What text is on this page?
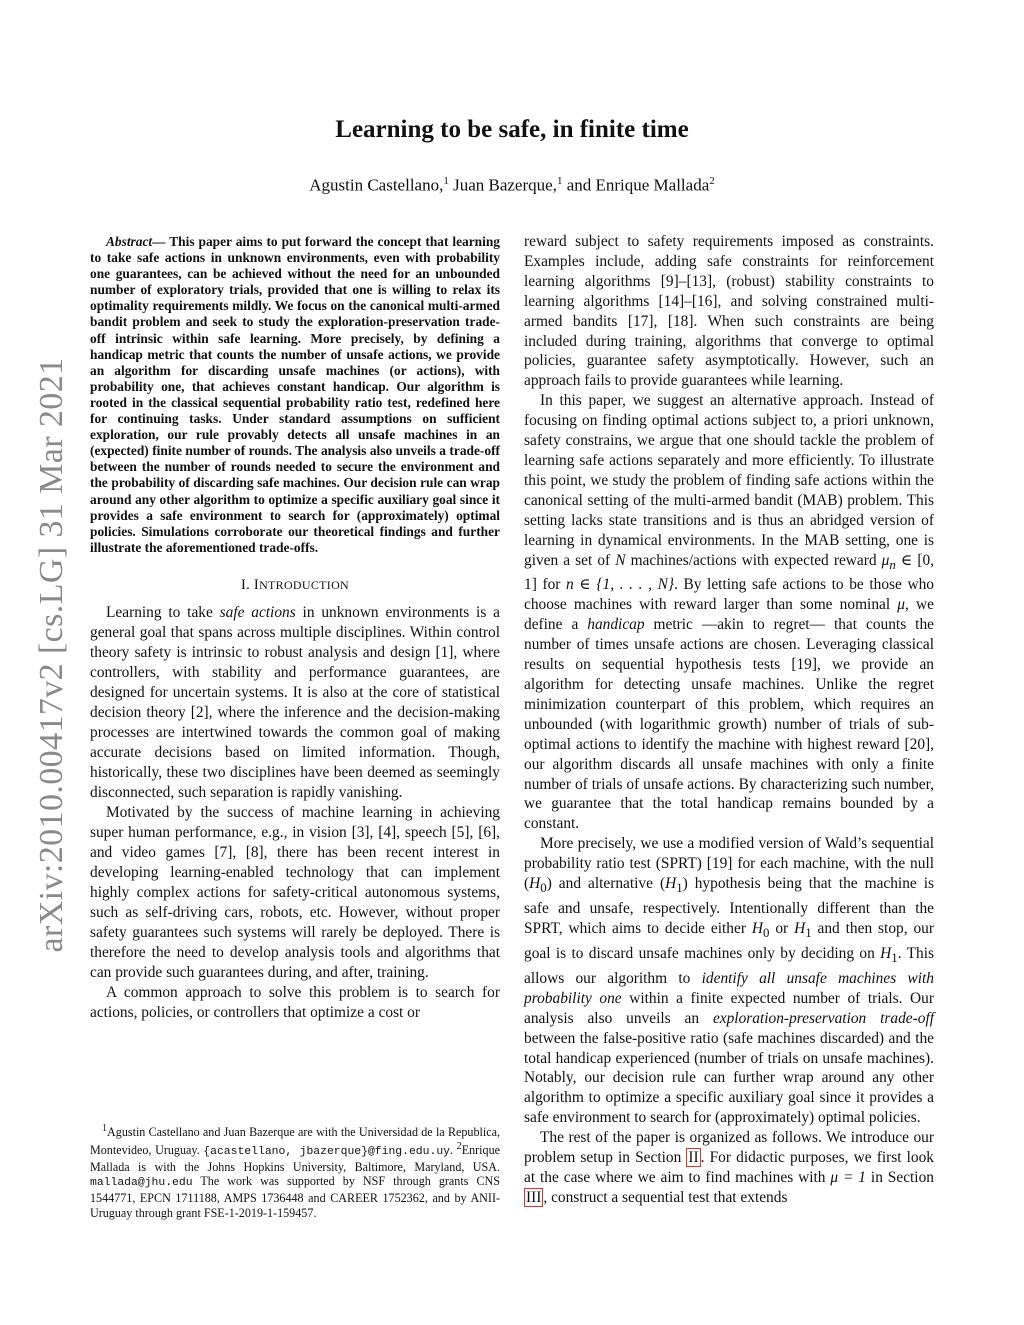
arXiv:2010.00417v2 [cs.LG] 31 Mar 2021
Learning to be safe, in finite time
Agustin Castellano,$^1$ Juan Bazerque,$^1$ and Enrique Mallada$^2$

Abstract— This paper aims to put forward the concept that learning to take safe actions in unknown environments, even with probability one guarantees, can be achieved without the need for an unbounded number of exploratory trials, provided that one is willing to relax its optimality requirements mildly. We focus on the canonical multi-armed bandit problem and seek to study the exploration-preservation trade-off intrinsic within safe learning. More precisely, by defining a handicap metric that counts the number of unsafe actions, we provide an algorithm for discarding unsafe machines (or actions), with probability one, that achieves constant handicap. Our algorithm is rooted in the classical sequential probability ratio test, redefined here for continuing tasks. Under standard assumptions on sufficient exploration, our rule provably detects all unsafe machines in an (expected) finite number of rounds. The analysis also unveils a trade-off between the number of rounds needed to secure the environment and the probability of discarding safe machines. Our decision rule can wrap around any other algorithm to optimize a specific auxiliary goal since it provides a safe environment to search for (approximately) optimal policies. Simulations corroborate our theoretical findings and further illustrate the aforementioned trade-offs.

I. INTRODUCTION

Learning to take safe actions in unknown environments is a general goal that spans across multiple disciplines. Within control theory safety is intrinsic to robust analysis and design [1], where controllers, with stability and performance guarantees, are designed for uncertain systems. It is also at the core of statistical decision theory [2], where the inference and the decision-making processes are intertwined towards the common goal of making accurate decisions based on limited information. Though, historically, these two disciplines have been deemed as seemingly disconnected, such separation is rapidly vanishing.

Motivated by the success of machine learning in achieving super human performance, e.g., in vision [3], [4], speech [5], [6], and video games [7], [8], there has been recent interest in developing learning-enabled technology that can implement highly complex actions for safety-critical autonomous systems, such as self-driving cars, robots, etc. However, without proper safety guarantees such systems will rarely be deployed. There is therefore the need to develop analysis tools and algorithms that can provide such guarantees during, and after, training.

A common approach to solve this problem is to search for actions, policies, or controllers that optimize a cost or

$^1$Agustin Castellano and Juan Bazerque are with the Universidad de la Republica, Montevideo, Uruguay. {acastellano, jbazerque}@fing.edu.uy. $^2$Enrique Mallada is with the Johns Hopkins University, Baltimore, Maryland, USA. mallada@jhu.edu The work was supported by NSF through grants CNS 1544771, EPCN 1711188, AMPS 1736448 and CAREER 1752362, and by ANII-Uruguay through grant FSE-1-2019-1-159457.

reward subject to safety requirements imposed as constraints. Examples include, adding safe constraints for reinforcement learning algorithms [9]–[13], (robust) stability constraints to learning algorithms [14]–[16], and solving constrained multi-armed bandits [17], [18]. When such constraints are being included during training, algorithms that converge to optimal policies, guarantee safety asymptotically. However, such an approach fails to provide guarantees while learning.

In this paper, we suggest an alternative approach. Instead of focusing on finding optimal actions subject to, a priori unknown, safety constrains, we argue that one should tackle the problem of learning safe actions separately and more efficiently. To illustrate this point, we study the problem of finding safe actions within the canonical setting of the multi-armed bandit (MAB) problem. This setting lacks state transitions and is thus an abridged version of learning in dynamical environments. In the MAB setting, one is given a set of N machines/actions with expected reward $\mu_n$ ∈ [0, 1] for n ∈ {1, . . . , N}. By letting safe actions to be those who choose machines with reward larger than some nominal μ, we define a handicap metric —akin to regret— that counts the number of times unsafe actions are chosen. Leveraging classical results on sequential hypothesis tests [19], we provide an algorithm for detecting unsafe machines. Unlike the regret minimization counterpart of this problem, which requires an unbounded (with logarithmic growth) number of trials of sub-optimal actions to identify the machine with highest reward [20], our algorithm discards all unsafe machines with only a finite number of trials of unsafe actions. By characterizing such number, we guarantee that the total handicap remains bounded by a constant.

More precisely, we use a modified version of Wald’s sequential probability ratio test (SPRT) [19] for each machine, with the null $(H_0)$ and alternative $(H_1)$ hypothesis being that the machine is safe and unsafe, respectively. Intentionally different than the SPRT, which aims to decide either $H_0$ or $H_1$ and then stop, our goal is to discard unsafe machines only by deciding on $H_1$. This allows our algorithm to identify all unsafe machines with probability one within a finite expected number of trials. Our analysis also unveils an exploration-preservation trade-off between the false-positive ratio (safe machines discarded) and the total handicap experienced (number of trials on unsafe machines). Notably, our decision rule can further wrap around any other algorithm to optimize a specific auxiliary goal since it provides a safe environment to search for (approximately) optimal policies.

The rest of the paper is organized as follows. We introduce our problem setup in Section II . For didactic purposes, we first look at the case where we aim to find machines with μ = 1 in Section III , construct a sequential test that extends
